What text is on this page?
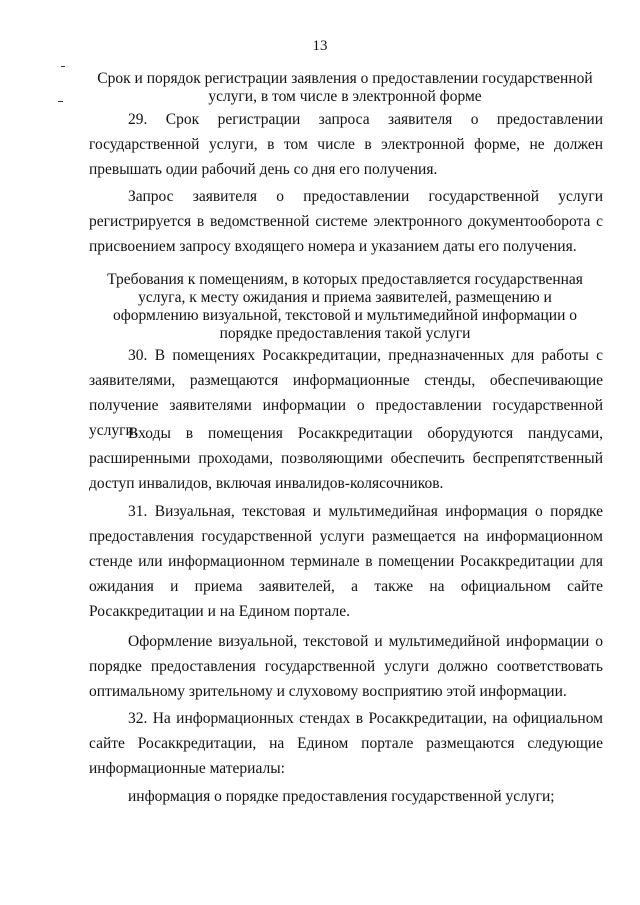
13
Срок и порядок регистрации заявления о предоставлении государственной услуги, в том числе в электронной форме

29. Срок регистрации запроса заявителя о предоставлении государственной услуги, в том числе в электронной форме, не должен превышать одии рабочий день со дня его получения.

Запрос заявителя о предоставлении государственной услуги регистрируется в ведомственной системе электронного документооборота с присвоением запросу входящего номера и указанием даты его получения.

Требования к помещениям, в которых предоставляется государственная услуга, к месту ожидания и приема заявителей, размещению и оформлению визуальной, текстовой и мультимедийной информации о порядке предоставления такой услуги

30. В помещениях Росаккредитации, предназначенных для работы с заявителями, размещаются информационные стенды, обеспечивающие получение заявителями информации о предоставлении государственной услуги.

Входы в помещения Росаккредитации оборудуются пандусами, расширенными проходами, позволяющими обеспечить беспрепятственный доступ инвалидов, включая инвалидов-колясочников.

31. Визуальная, текстовая и мультимедийная информация о порядке предоставления государственной услуги размещается на информационном стенде или информационном терминале в помещении Росаккредитации для ожидания и приема заявителей, а также на официальном сайте Росаккредитации и на Едином портале.

Оформление визуальной, текстовой и мультимедийной информации о порядке предоставления государственной услуги должно соответствовать оптимальному зрительному и слуховому восприятию этой информации.

32. На информационных стендах в Росаккредитации, на официальном сайте Росаккредитации, на Едином портале размещаются следующие информационные материалы:

информация о порядке предоставления государственной услуги;
